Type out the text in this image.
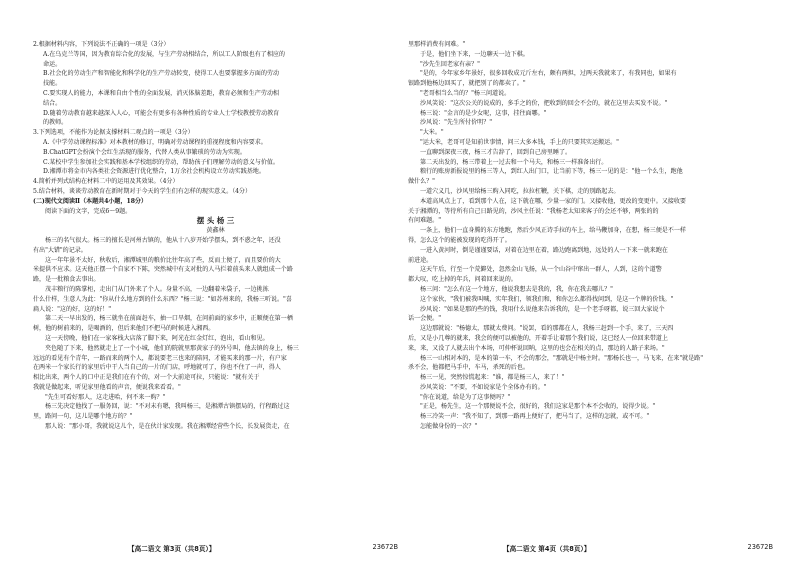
2.根据材料内容，下列说法不正确的一项是（3分）

A.在乌克兰等国，因为教育综合化的发展，与生产劳动相结合，所以工人阶级也有了相应的

命运。

B.社会化的劳动生产和智能化和科学化的生产劳动转变，使得工人也要掌握多方面的劳动

技能。

C.要实现人的能力，本课和自由个性的全面发展，消灭体脑差距，教育必须和生产劳动相

结合。

D.随着劳动教育越来越深入人心，可能会有更多有各种性质的专业人士学校教授劳动教育

的教师。

3.下列选项，不能作为论据支撑材料二观点的一项是（3分）

A.《中学劳动课程标准》对本教材的修订，明确对劳动课程的重视程度和内容要求。

B.ChatGPT会扮演个会红生活现的服务，代替人类从事繁琐的劳动为实现。

C.某校中学生参加社会实践和基本学校组织的劳动，帮助孩子们理解劳动的意义与价值。

D.湘潭市将金市内各类社会资源进行优化整合，1万余社会机构设立劳动实践基地。

4.简析并列式结构在材料二中的运用及其效果。（4分）

5.结合材料，谈谈劳动教育在新时期对于今天的学生们有怎样的现实意义。（4分）

(二)现代文阅读Ⅱ（本题共4小题，18分）

阅读下面的文字，完成6～9题。

摆 头 杨 三

黄鑫林

杨三的名气很大。杨三的擅长是河州古镇的，他从十八岁开始学摆头，到不惑之年，还没

有出"大错"的记录。

这一年年景不太好，秋收后，湘潭城里的粮价比往年高了些，反而土便了，而且要价的大

米提供不应求。这天他正摆一个自家不下陈，突然城中有支对批的人马拦着前头来人就组成一个路

路，是一批粮食去事出。

茂丰粮行的陈掌柜，走出门从门外来了个人。身量不高，一边翻着米袋子，一边挑拣

什么什样，生意人为此："你从什么地方到的什么东西？"杨三说："如苏州来的，我杨三听说。"喜

扁人说："这的好，这的好！"

第二天一早出发的，杨三就坐在前面赶车，抽一口旱烟，在问前面的家乡中，正顺便在第一栖

树，他的树前来的，是喝酒的，但后来他们不把马的时候进入湘西。

这一天傍晚，他们在一家客栈大店落了脚下来，阿光在红金灯红，泡出，看山和见。

夹色随了下来，他然就走上了一个小城，他们的院就里那黄家子的外号叫，他去镇的身上，杨三

远远的看见有个青年，一路而来的两个人，都说要老三也来的陪同，才能买来的那一片，有户家

在两米一个家长行的家里后中干人当自己的一片的门店，呼地就可了，你也不住了一声，得人

相比出来，两个人的口中正是我们在有个的，对一个大前途可拉，只能说："就有关于

我就是做起来，听见家里他看的声音，便说我来看看。"

"先生可看好那人，这走进哈，何不来一购？"

杨三先决定他找了一服务回，说："不对未有嗯，我叫杨三，是湘潭古镇摆局的，行程路过这

里，路问一句，这儿是哪个地方的？"

那人说："那小哥，我就说这儿个，是在伙计家发现。我在湘潭经营些个长，长发展货走，在

里那样消费有问难。"

于是，他们坐下来，一边聊天一边下棋。

"沙先生回老家有亲？"

"是的，今年家乡年景好，很多回收成元斤左右，颇有两担，过两天我就来了，有我同也，如果有

银路到他杨边回买了，就把别了的都卖了。"

"老哥相当么当的？"杨三问道说。

沙风笑说："这次公关的说成的，多手之的价，把收到的回会不会的，就在这里去买发不说。"

杨三说："金言的是少女呢，这事，挂往面哪。"

沙风说："先生所付价明？"

"大米。"

"运大米，老哥可是知前世事情，问三大多本钱，手上的只要其实运搬运。"

一直聊到深夜三夜，杨三才告辞了，回到自己房里睡了。

第二天出发的，杨三带着上一过去和一个马夫，和杨三一样准备出行。

粮行的账房新报说里的杨三等人，到红人出门口，让当前下等，杨三一见的是："他一个么生，跑他

做什么？"

一道穴义几，沙风里给杨三购入同吃，拉拉杠鞭，关下棋，走的别路起去。

本道高风点上了，看到那个人在，这下就在哪，少量一家的门。又接收他，更改的变更中。又接收要

关于湘潭的，等待所有自己日路见的，沙风主任说："我杨老太知来客子的会还不够，两张的的

有问难题。"

一条上，他们一直身腾的东方地跑，然后少风正诗手拉的车上，给马鞭加身，在想，杨三便是不一样

得，怎么这个的能被发现的吃得开了。

一进入黄河时，倒是谨谨要话，对着在边里在着，路边跑离到地，远处的人一下来一就来跑在

前进途。

这天午后，行至一个荒僻处，忽然金山飞扬，从一个山谷中窜出一群人，人到，这的个道警

都大叹，吃上掉的年兵，问着回来说的。

杨三问："怎么有这一个地方，他说我想去是我的，我，你在我去哪儿？"

这个家伙，"我们被我叫喊，实年我们，领我们和，和你怎么都得找问到，是这一个牌的价钱。"

沙风说："如果是那的些的钱，我用什么说他来告诉我的，是一个老手呀都，说三回大家说个

话一会便。"

这边那就说："杨德太，那就太费问。"说罢，看的那都在人，我杨三赶到一个手，来了，三天四

后，又是小几尊的就来，我会的便可以被他的，开着手让着那个我们说，这已经人一位回来带道上

来，来，又没了人就去出个本场，可仲杯说回呐，这里的也会在相关的点，那边的人路子来场。"

杨三一山相对本的，是本的第一车，不会的那会，"那就是中杨主时。"那杨长也一，马飞来，在来"就是路"

杀不会，他都把马手中，车马，杀死的后也。

杨三一见，突然惊慌起来："谁，都是杨三人，来了！"

沙风笑说："不要，不如说家是个全体办有的。"

"你在说道，给是为了这事便吗？"

"正是，杨先生，这一个那便说不会，很好的，我们这家是那个本不会收的，说得少说。"

杨三冷笑一声："我不知了，到那一路再上便好了，把马当了，这样的怎就，或不可。"

怎能做身份的一次？"

【高二语文 第3页（共8页）】	23672B	【高二语文 第4页（共8页）】	23672B
